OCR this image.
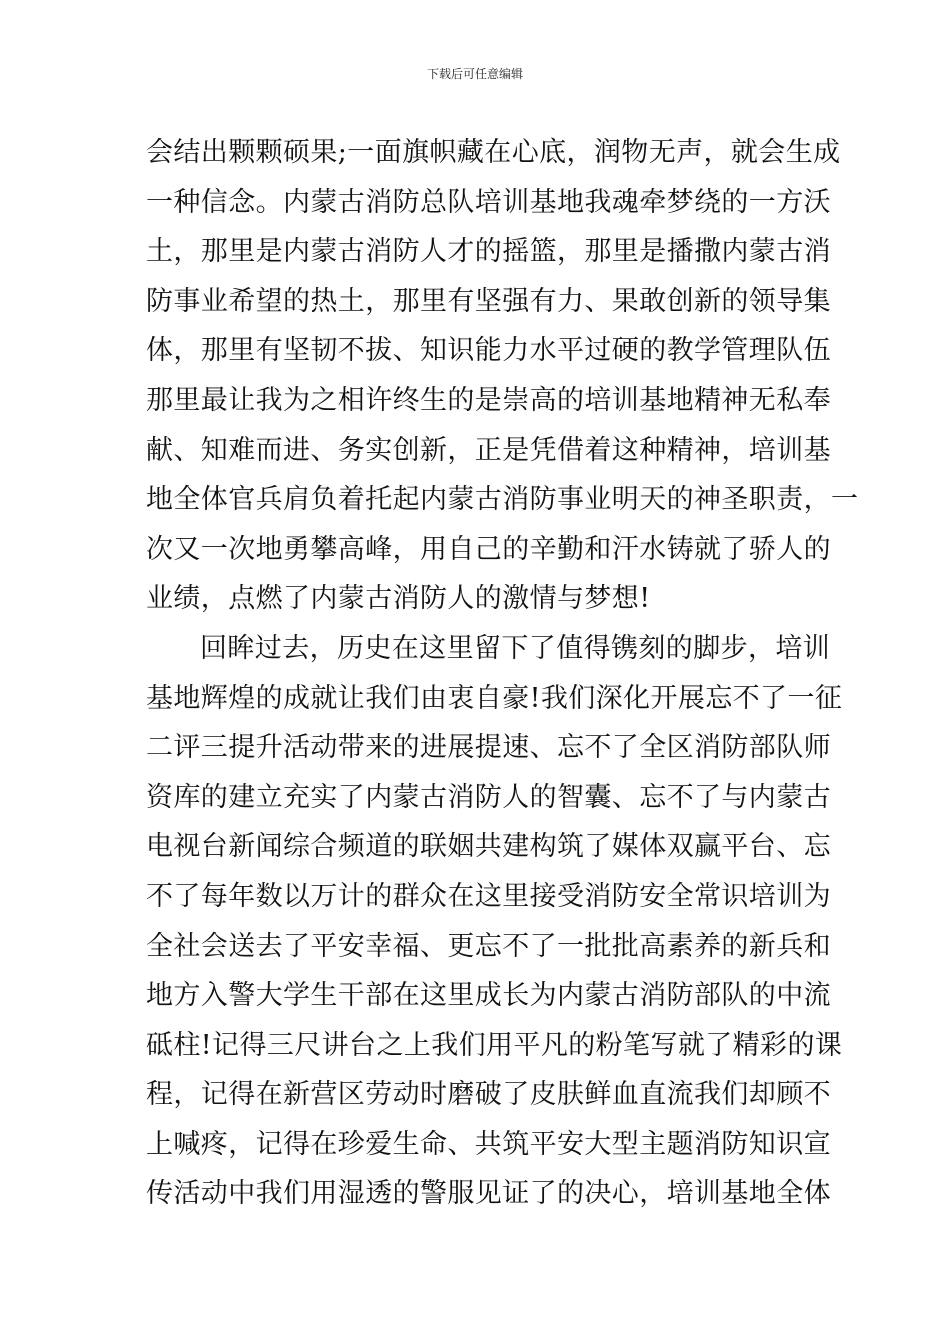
下载后可任意编辑
会结出颗颗硕果;一面旗帜藏在心底，润物无声，就会生成
一种信念。内蒙古消防总队培训基地我魂牵梦绕的一方沃
土，那里是内蒙古消防人才的摇篮，那里是播撒内蒙古消
防事业希望的热土，那里有坚强有力、果敢创新的领导集
体，那里有坚韧不拔、知识能力水平过硬的教学管理队伍
那里最让我为之相许终生的是崇高的培训基地精神无私奉
献、知难而进、务实创新，正是凭借着这种精神，培训基
地全体官兵肩负着托起内蒙古消防事业明天的神圣职责，一
次又一次地勇攀高峰，用自己的辛勤和汗水铸就了骄人的
业绩，点燃了内蒙古消防人的激情与梦想!
回眸过去，历史在这里留下了值得镌刻的脚步，培训
基地辉煌的成就让我们由衷自豪!我们深化开展忘不了一征
二评三提升活动带来的进展提速、忘不了全区消防部队师
资库的建立充实了内蒙古消防人的智囊、忘不了与内蒙古
电视台新闻综合频道的联姻共建构筑了媒体双赢平台、忘
不了每年数以万计的群众在这里接受消防安全常识培训为
全社会送去了平安幸福、更忘不了一批批高素养的新兵和
地方入警大学生干部在这里成长为内蒙古消防部队的中流
砥柱!记得三尺讲台之上我们用平凡的粉笔写就了精彩的课
程，记得在新营区劳动时磨破了皮肤鲜血直流我们却顾不
上喊疼，记得在珍爱生命、共筑平安大型主题消防知识宣
传活动中我们用湿透的警服见证了的决心，培训基地全体
